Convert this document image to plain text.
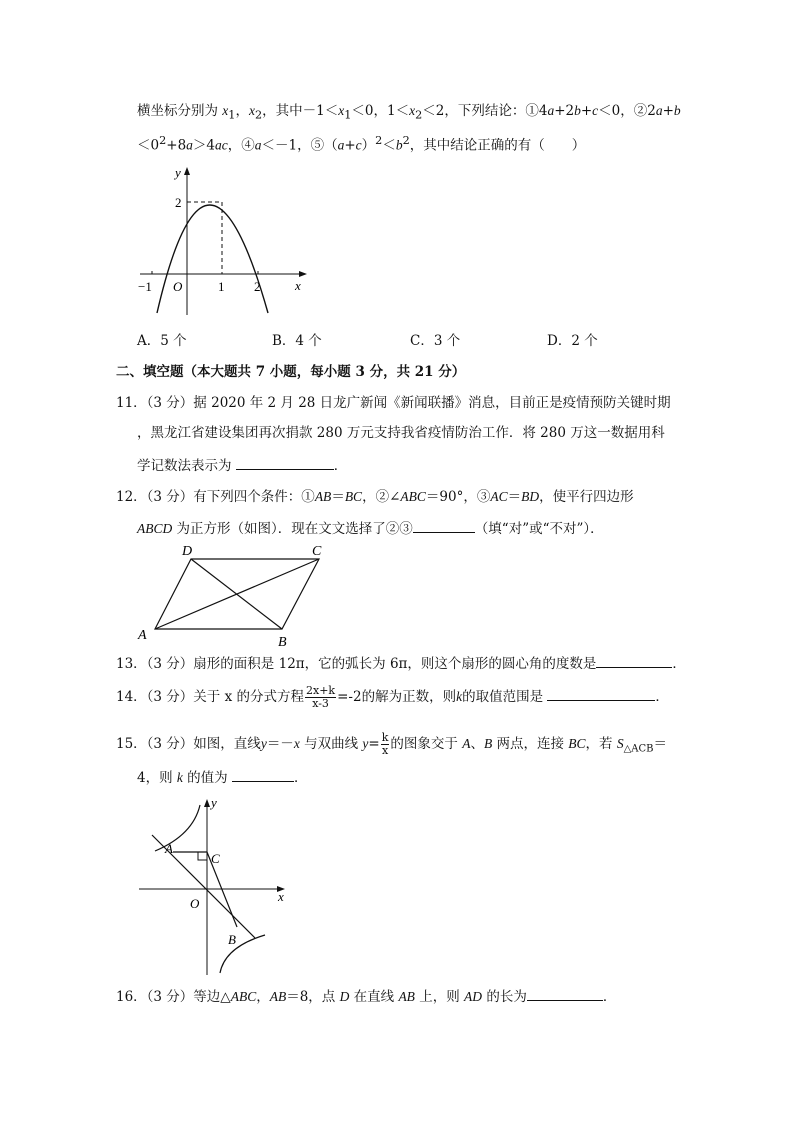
横坐标分别为 $x_1$，$x_2$，其中$-1<x_1<0$，$1<x_2<2$，下列结论：①4a+2b+c＜0，②2a+b
$<0^2+8a>4ac$，④a＜－1，$⑤(a+c)^2<b^2$，其中结论正确的有（　　）
y
x
O
2
−1	1 2
A．5 个	B．4 个	C．3 个	D．2 个
二、填空题（本大题共 7 小题，每小题 3 分，共 21 分）
11．（3 分）据 2020 年 2 月 28 日龙广新闻《新闻联播》消息，目前正是疫情预防关键时期
，黑龙江省建设集团再次捐款 280 万元支持我省疫情防治工作．将 280 万这一数据用科
学记数法表示为	．
12．（3 分）有下列四个条件：①AB＝BC，②∠ABC＝90°，③AC＝BD，使平行四边形
ABCD 为正方形（如图）．现在文文选择了②③	（填“对”或“不对”）．
A	B
C
D
13．（3 分）扇形的面积是 12π，它的弧长为 6π，则这个扇形的圆心角的度数是	．
14．（3 分）关于 x 的分式方程 $\frac{2x+k}{x-3} =-2$的解为正数，则k的取值范围是	．
15．（3 分）如图，直线y＝－x 与双曲线 $y= \frac{k}{x}$ 的图象交于 A、B 两点，连接 BC，若 $S_{\triangle ACB}=$
4，则 k 的值为	．
y
x
O
A
B
C
16．（3 分）等边△ABC，AB＝8，点 D 在直线 AB 上，则 AD 的长为	．
